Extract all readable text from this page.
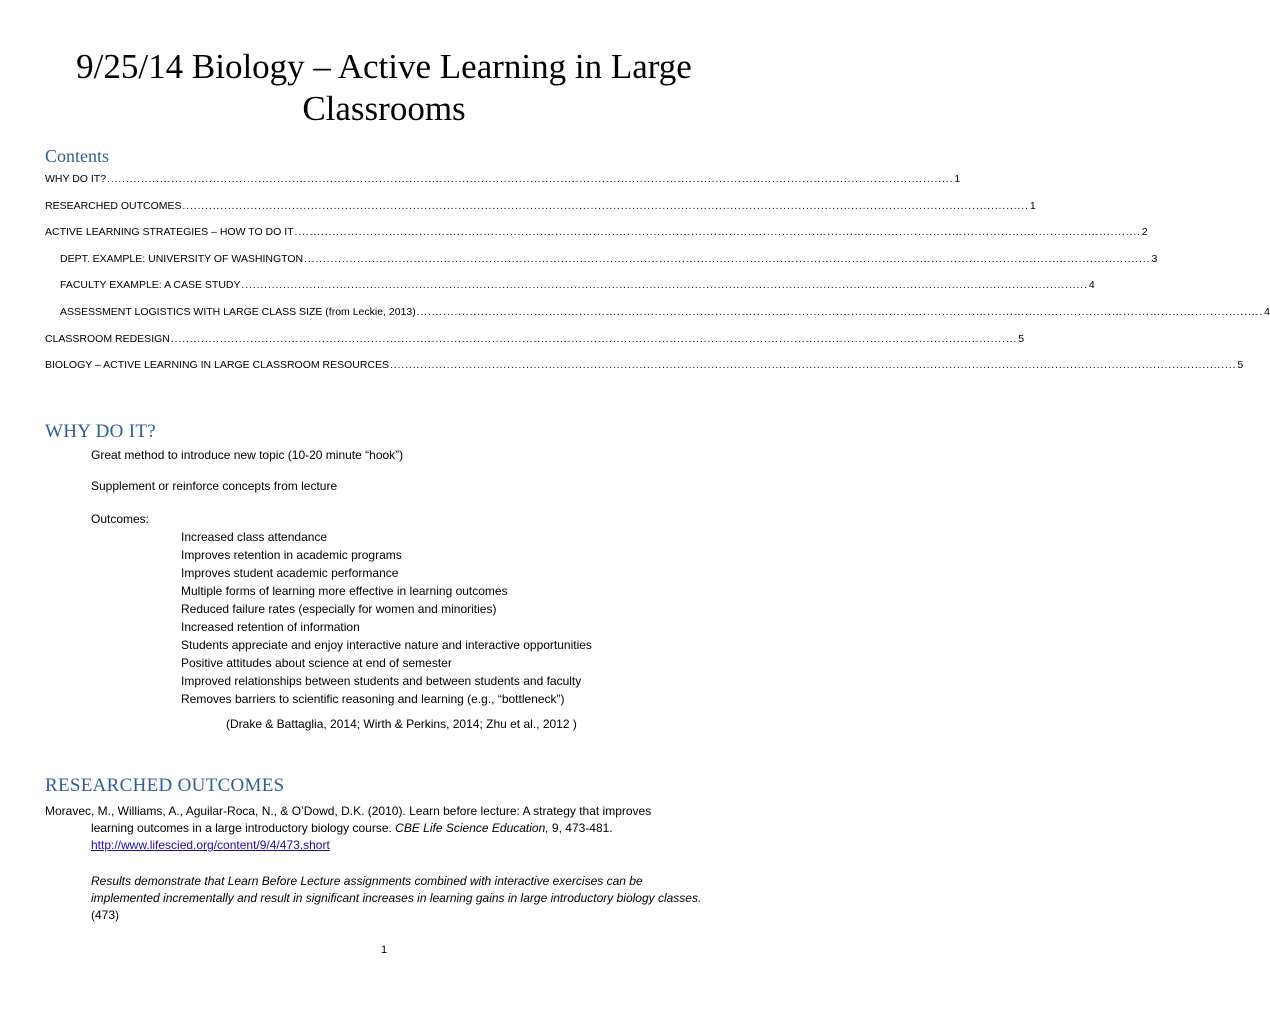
9/25/14 Biology – Active Learning in Large Classrooms
Contents
WHY DO IT? ................................................................................................................................................................................................................................ 1
RESEARCHED OUTCOMES ................................................................................................................................................................................................................................ 1
ACTIVE LEARNING STRATEGIES – HOW TO DO IT ................................................................................................................................................................................................................................ 2
DEPT. EXAMPLE: UNIVERSITY OF WASHINGTON ................................................................................................................................................................................................................................ 3
FACULTY EXAMPLE: A CASE STUDY ................................................................................................................................................................................................................................ 4
ASSESSMENT LOGISTICS WITH LARGE CLASS SIZE (from Leckie, 2013) ................................................................................................................................................................................................................................ 4
CLASSROOM REDESIGN ................................................................................................................................................................................................................................ 5
BIOLOGY – ACTIVE LEARNING IN LARGE CLASSROOM RESOURCES ................................................................................................................................................................................................................................ 5
WHY DO IT?
Great method to introduce new topic (10-20 minute “hook”)
Supplement or reinforce concepts from lecture
Outcomes:
Increased class attendance
Improves retention in academic programs
Improves student academic performance
Multiple forms of learning more effective in learning outcomes
Reduced failure rates (especially for women and minorities)
Increased retention of information
Students appreciate and enjoy interactive nature and interactive opportunities
Positive attitudes about science at end of semester
Improved relationships between students and between students and faculty
Removes barriers to scientific reasoning and learning (e.g., “bottleneck”)
(Drake & Battaglia, 2014; Wirth & Perkins, 2014; Zhu et al., 2012 )
RESEARCHED OUTCOMES
Moravec, M., Williams, A., Aguilar-Roca, N., & O’Dowd, D.K. (2010). Learn before lecture: A strategy that improves
learning outcomes in a large introductory biology course. CBE Life Science Education, 9, 473-481.
http://www.lifescied.org/content/9/4/473.short
Results demonstrate that Learn Before Lecture assignments combined with interactive exercises can be implemented incrementally and result in significant increases in learning gains in large introductory biology classes. (473)
1
